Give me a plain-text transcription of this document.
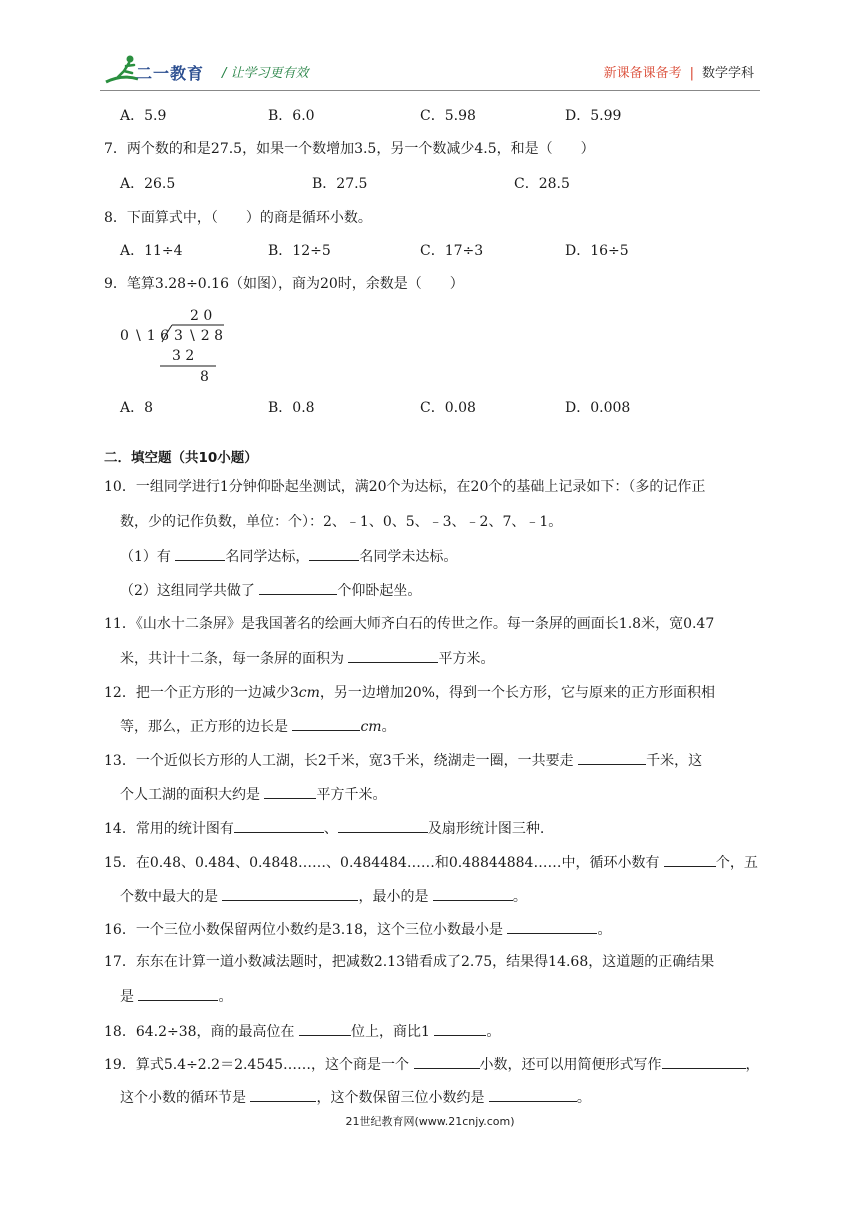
二一教育 / 让学习更有效	新课备课备考 | 数学学科
A．5.9	B．6.0	C．5.98	D．5.99
7．两个数的和是27.5，如果一个数增加3.5，另一个数减少4.5，和是（　　）
A．26.5	B．27.5	C．28.5
8．下面算式中，（　　）的商是循环小数。
A．11÷4	B．12÷5	C．17÷3	D．16÷5
9．笔算3.28÷0.16（如图），商为20时，余数是（　　）
2 0
0 ∖ 1 6 3 ∖ 2 8
3 2
8
A．8	B．0.8	C．0.08	D．0.008
二．填空题（共10小题）
10．一组同学进行1分钟仰卧起坐测试，满20个为达标，在20个的基础上记录如下：（多的记作正
数，少的记作负数，单位：个）：2、﹣1、0、5、﹣3、﹣2、7、﹣1。
（1）有	名同学达标，	名同学未达标。
（2）这组同学共做了	个仰卧起坐。
11．《山水十二条屏》是我国著名的绘画大师齐白石的传世之作。每一条屏的画面长1.8米，宽0.47
米，共计十二条，每一条屏的面积为	平方米。
12．把一个正方形的一边减少3cm，另一边增加20%，得到一个长方形，它与原来的正方形面积相
等，那么，正方形的边长是	cm。
13．一个近似长方形的人工湖，长2千米，宽3千米，绕湖走一圈，一共要走	千米，这
个人工湖的面积大约是	平方千米。
14．常用的统计图有	、	及扇形统计图三种.
15．在0.48、0.484、0.4848……、0.484484……和0.48844884……中，循环小数有	个，五
个数中最大的是	，最小的是	。
16．一个三位小数保留两位小数约是3.18，这个三位小数最小是	。
17．东东在计算一道小数减法题时，把减数2.13错看成了2.75，结果得14.68，这道题的正确结果
是	。
18．64.2÷38，商的最高位在	位上，商比1	。
19．算式5.4÷2.2＝2.4545……，这个商是一个	小数，还可以用简便形式写作	，
这个小数的循环节是	，这个数保留三位小数约是	。
21世纪教育网(www.21cnjy.com)
